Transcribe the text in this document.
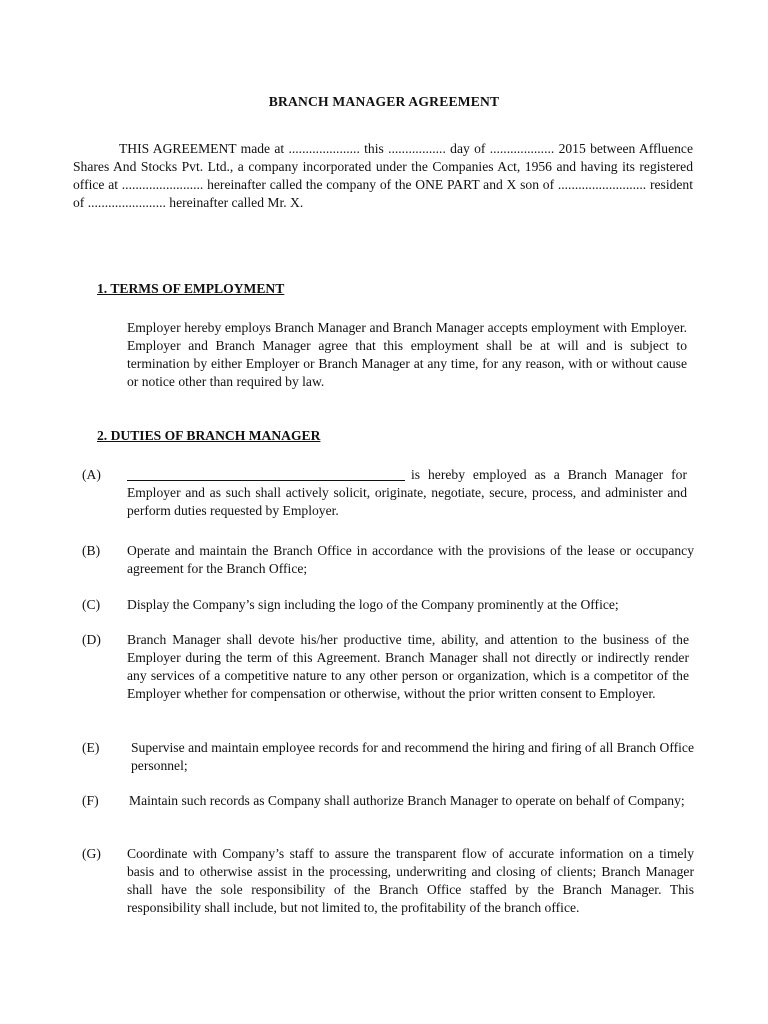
BRANCH MANAGER AGREEMENT
THIS AGREEMENT made at ..................... this ................. day of ................... 2015 between Affluence Shares And Stocks Pvt. Ltd., a company incorporated under the Companies Act, 1956 and having its registered office at ........................ hereinafter called the company of the ONE PART and X son of .......................... resident of ....................... hereinafter called Mr. X.
1. TERMS OF EMPLOYMENT
Employer hereby employs Branch Manager and Branch Manager accepts employment with Employer. Employer and Branch Manager agree that this employment shall be at will and is subject to termination by either Employer or Branch Manager at any time, for any reason, with or without cause or notice other than required by law.
2. DUTIES OF BRANCH MANAGER
(A)	is hereby employed as a Branch Manager for Employer and as such shall actively solicit, originate, negotiate, secure, process, and administer and perform duties requested by Employer.
(B) Operate and maintain the Branch Office in accordance with the provisions of the lease or occupancy agreement for the Branch Office;
(C) Display the Company’s sign including the logo of the Company prominently at the Office;
(D) Branch Manager shall devote his/her productive time, ability, and attention to the business of the Employer during the term of this Agreement. Branch Manager shall not directly or indirectly render any services of a competitive nature to any other person or organization, which is a competitor of the Employer whether for compensation or otherwise, without the prior written consent to Employer.
(E) Supervise and maintain employee records for and recommend the hiring and firing of all Branch Office personnel;
(F) Maintain such records as Company shall authorize Branch Manager to operate on behalf of Company;
(G) Coordinate with Company’s staff to assure the transparent flow of accurate information on a timely basis and to otherwise assist in the processing, underwriting and closing of clients; Branch Manager shall have the sole responsibility of the Branch Office staffed by the Branch Manager. This responsibility shall include, but not limited to, the profitability of the branch office.
